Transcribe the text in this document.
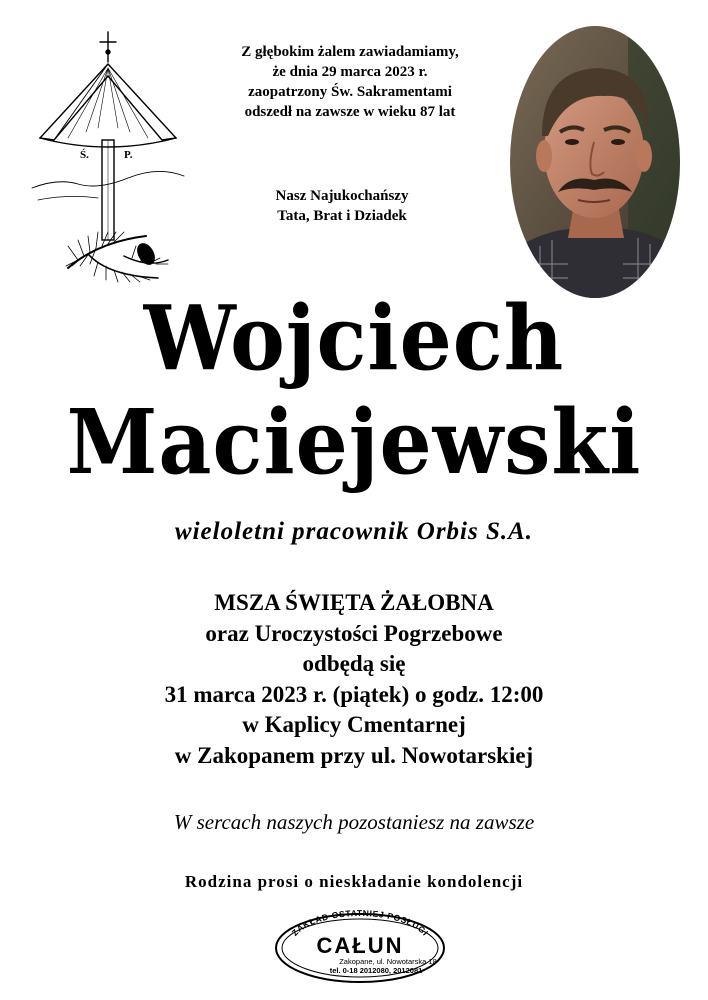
Ś.	P.
Z głębokim żalem zawiadamiamy,
że dnia 29 marca 2023 r.
zaopatrzony Św. Sakramentami
odszedł na zawsze w wieku 87 lat
Nasz Najukochańszy
Tata, Brat i Dziadek
Wojciech
Maciejewski
wieloletni pracownik Orbis S.A.
MSZA ŚWIĘTA ŻAŁOBNA
oraz Uroczystości Pogrzebowe
odbędą się
31 marca 2023 r. (piątek) o godz. 12:00
w Kaplicy Cmentarnej
w Zakopanem przy ul. Nowotarskiej
W sercach naszych pozostaniesz na zawsze
Rodzina prosi o nieskładanie kondolencji
ZAKŁAD OSTATNIEJ POSŁUGI
CAŁUN
Zakopane, ul. Nowotarska 18
tel. 0-18 2012080, 2012081
